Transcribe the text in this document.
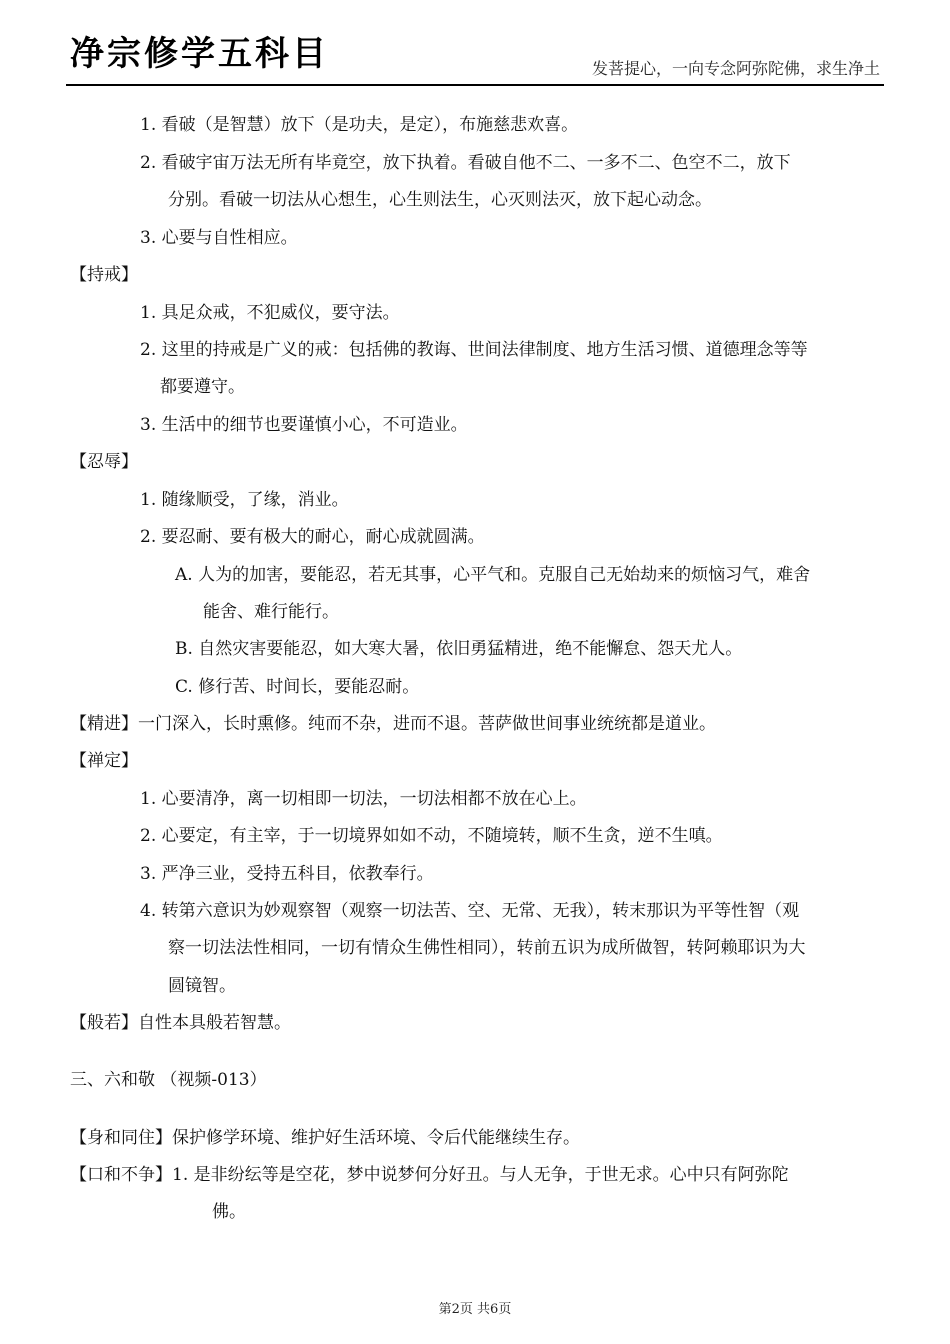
净宗修学五科目	发菩提心，一向专念阿弥陀佛，求生净土
1. 看破（是智慧）放下（是功夫，是定），布施慈悲欢喜。
2. 看破宇宙万法无所有毕竟空，放下执着。看破自他不二、一多不二、色空不二，放下
分别。看破一切法从心想生，心生则法生，心灭则法灭，放下起心动念。
3. 心要与自性相应。
【持戒】
1. 具足众戒，不犯威仪，要守法。
2. 这里的持戒是广义的戒：包括佛的教诲、世间法律制度、地方生活习惯、道德理念等等
都要遵守。
3. 生活中的细节也要谨慎小心，不可造业。
【忍辱】
1. 随缘顺受，了缘，消业。
2. 要忍耐、要有极大的耐心，耐心成就圆满。
A. 人为的加害，要能忍，若无其事，心平气和。克服自己无始劫来的烦恼习气，难舍
能舍、难行能行。
B. 自然灾害要能忍，如大寒大暑，依旧勇猛精进，绝不能懈怠、怨天尤人。
C. 修行苦、时间长，要能忍耐。
【精进】一门深入，长时熏修。纯而不杂，进而不退。菩萨做世间事业统统都是道业。
【禅定】
1. 心要清净，离一切相即一切法，一切法相都不放在心上。
2. 心要定，有主宰，于一切境界如如不动，不随境转，顺不生贪，逆不生嗔。
3. 严净三业，受持五科目，依教奉行。
4. 转第六意识为妙观察智（观察一切法苦、空、无常、无我），转末那识为平等性智（观
察一切法法性相同，一切有情众生佛性相同），转前五识为成所做智，转阿赖耶识为大
圆镜智。
【般若】自性本具般若智慧。
三、六和敬 （视频-013）
【身和同住】保护修学环境、维护好生活环境、令后代能继续生存。
【口和不争】1. 是非纷纭等是空花，梦中说梦何分好丑。与人无争，于世无求。心中只有阿弥陀
佛。
第2页 共6页
